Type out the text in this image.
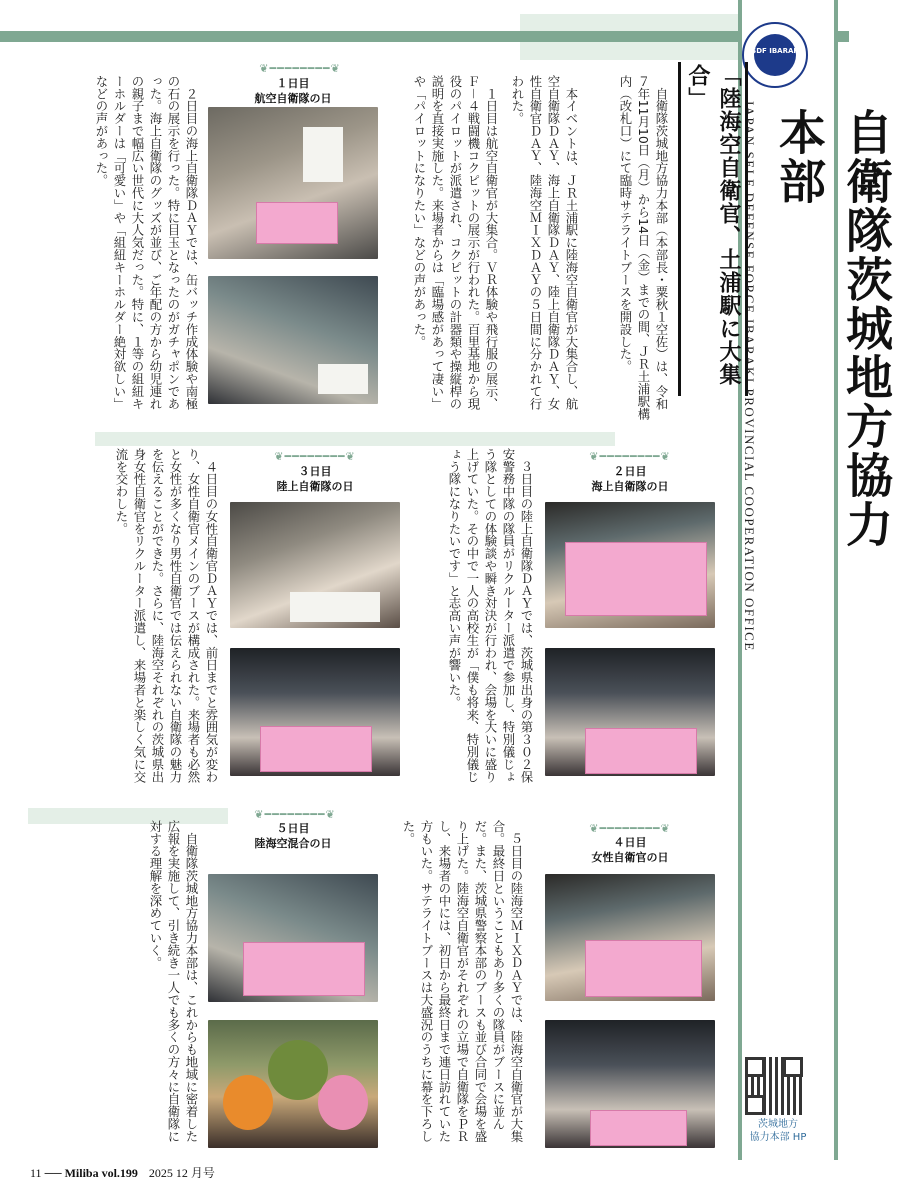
JSDF IBARAKI
自衛隊茨城地方協力本部
JAPAN SELF DEFENSE FORCE IBARAKI PROVINCIAL COOPERATION OFFICE
「陸海空自衛官、土浦駅に大集合」
　自衛隊茨城地方協力本部（本部長・粟秋１空佐）は、令和７年11月10日（月）から14日（金）までの間、ＪＲ土浦駅構内（改札口）にて臨時サテライトブースを開設した。
　本イベントは、ＪＲ土浦駅に陸海空自衛官が大集合し、航空自衛隊ＤＡＹ、海上自衛隊ＤＡＹ、陸上自衛隊ＤＡＹ、女性自衛官ＤＡＹ、陸海空ＭＩＸＤＡＹの５日間に分かれて行われた。
　１日目は航空自衛官が大集合。ＶＲ体験や飛行服の展示、Ｆ－４戦闘機コクピットの展示が行われた。百里基地から現役のパイロットが派遣され、コクピットの計器類や操縦桿の説明を直接実施した。来場者からは「臨場感があって凄い」や「パイロットになりたい」などの声があった。
❦━━━━━━━━❦
１日目
航空自衛隊の日
　２日目の海上自衛隊ＤＡＹでは、缶バッチ作成体験や南極の石の展示を行った。特に目玉となったのがガチャポンであった。海上自衛隊のグッズが並び、ご年配の方から幼児連れの親子まで幅広い世代に大人気だった。特に、１等の組紐キーホルダーは「可愛い」や「組紐キーホルダー絶対欲しい」などの声があった。
❦━━━━━━━━❦
２日目
海上自衛隊の日
❦━━━━━━━━❦
３日目
陸上自衛隊の日	　３日目の陸上自衛隊ＤＡＹでは、茨城県出身の第３０２保安警務中隊の隊員がリクルーター派遣で参加し、特別儀じょう隊としての体験談や瞬き対決が行われ、会場を大いに盛り上げていた。その中で一人の高校生が「僕も将来、特別儀じょう隊になりたいです」と志高い声が響いた。
　４日目の女性自衛官ＤＡＹでは、前日までと雰囲気が変わり、女性自衛官メインのブースが構成された。来場者も必然と女性が多くなり男性自衛官では伝えられない自衛隊の魅力を伝えることができた。さらに、陸海空それぞれの茨城県出身女性自衛官をリクルーター派遣し、来場者と楽しく気に交流を交わした。
❦━━━━━━━━❦
４日目
女性自衛官の日
　５日目の陸海空ＭＩＸＤＡＹでは、陸海空自衛官が大集合。最終日ということもあり多くの隊員がブースに並んだ。また、茨城県警察本部のブースも並び合同で会場を盛り上げた。陸海空自衛官がそれぞれの立場で自衛隊をＰＲし、来場者の中には、初日から最終日まで連日訪れていた方もいた。サテライトブースは大盛況のうちに幕を下ろした。
❦━━━━━━━━❦
５日目
陸海空混合の日
　自衛隊茨城地方協力本部は、これからも地域に密着した広報を実施して、引き続き一人でも多くの方々に自衛隊に対する理解を深めていく。
茨城地方
協力本部 HP
11 ── Miliba vol.199 2025 12 月号
